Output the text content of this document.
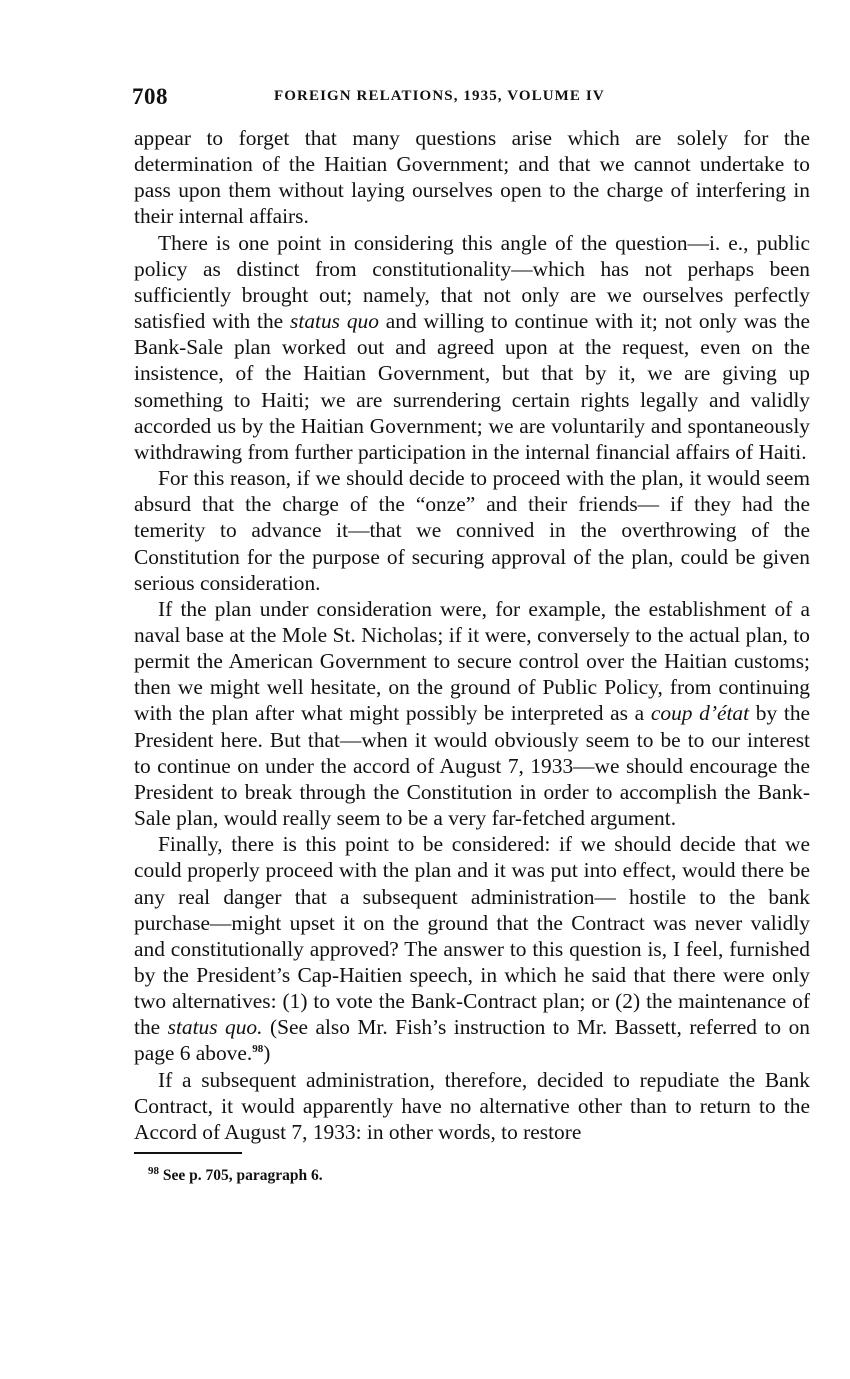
708	FOREIGN RELATIONS, 1935, VOLUME IV

appear to forget that many questions arise which are solely for the determination of the Haitian Government; and that we cannot undertake to pass upon them without laying ourselves open to the charge of interfering in their internal affairs.

There is one point in considering this angle of the question—i. e., public policy as distinct from constitutionality—which has not perhaps been sufficiently brought out; namely, that not only are we ourselves perfectly satisfied with the status quo and willing to continue with it; not only was the Bank-Sale plan worked out and agreed upon at the request, even on the insistence, of the Haitian Government, but that by it, we are giving up something to Haiti; we are surrendering certain rights legally and validly accorded us by the Haitian Government; we are voluntarily and spontaneously withdrawing from further participation in the internal financial affairs of Haiti.

For this reason, if we should decide to proceed with the plan, it would seem absurd that the charge of the “onze” and their friends— if they had the temerity to advance it—that we connived in the overthrowing of the Constitution for the purpose of securing approval of the plan, could be given serious consideration.

If the plan under consideration were, for example, the establishment of a naval base at the Mole St. Nicholas; if it were, conversely to the actual plan, to permit the American Government to secure control over the Haitian customs; then we might well hesitate, on the ground of Public Policy, from continuing with the plan after what might possibly be interpreted as a coup d’état by the President here. But that—when it would obviously seem to be to our interest to continue on under the accord of August 7, 1933—we should encourage the President to break through the Constitution in order to accomplish the Bank-Sale plan, would really seem to be a very far-fetched argument.

Finally, there is this point to be considered: if we should decide that we could properly proceed with the plan and it was put into effect, would there be any real danger that a subsequent administration— hostile to the bank purchase—might upset it on the ground that the Contract was never validly and constitutionally approved? The answer to this question is, I feel, furnished by the President’s Cap-Haitien speech, in which he said that there were only two alternatives: (1) to vote the Bank-Contract plan; or (2) the maintenance of the status quo. (See also Mr. Fish’s instruction to Mr. Bassett, referred to on page 6 above.$^{98}$)

If a subsequent administration, therefore, decided to repudiate the Bank Contract, it would apparently have no alternative other than to return to the Accord of August 7, 1933: in other words, to restore

$^{98}$ See p. 705, paragraph 6.
